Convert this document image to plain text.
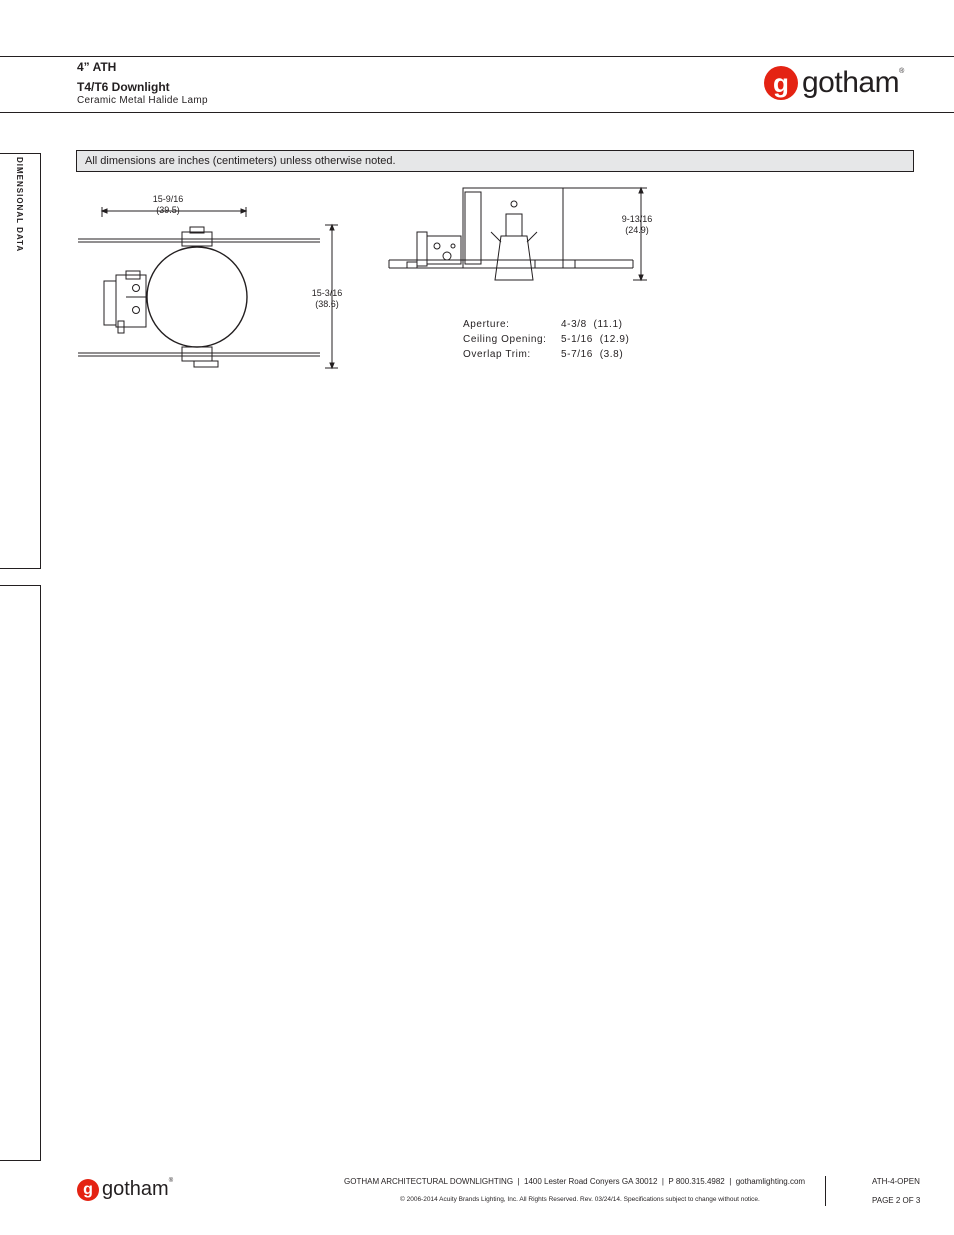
4” ATH
T4/T6 Downlight
Ceramic Metal Halide Lamp
g gotham ®
DIMENSIONAL DATA	All dimensions are inches (centimeters) unless otherwise noted.
15-9/16
(39.5)
15-3/16
(38.6)
9-13/16
(24.9)
Aperture:	4-3/8  (11.1)
Ceiling Opening:	5-1/16  (12.9)
Overlap Trim:	5-7/16  (3.8)
g gotham ®	GOTHAM ARCHITECTURAL DOWNLIGHTING  |  1400 Lester Road Conyers GA 30012  |  P 800.315.4982  |  gothamlighting.com
© 2006-2014 Acuity Brands Lighting, Inc. All Rights Reserved. Rev. 03/24/14. Specifications subject to change without notice.
ATH-4-OPEN
PAGE 2 OF 3
